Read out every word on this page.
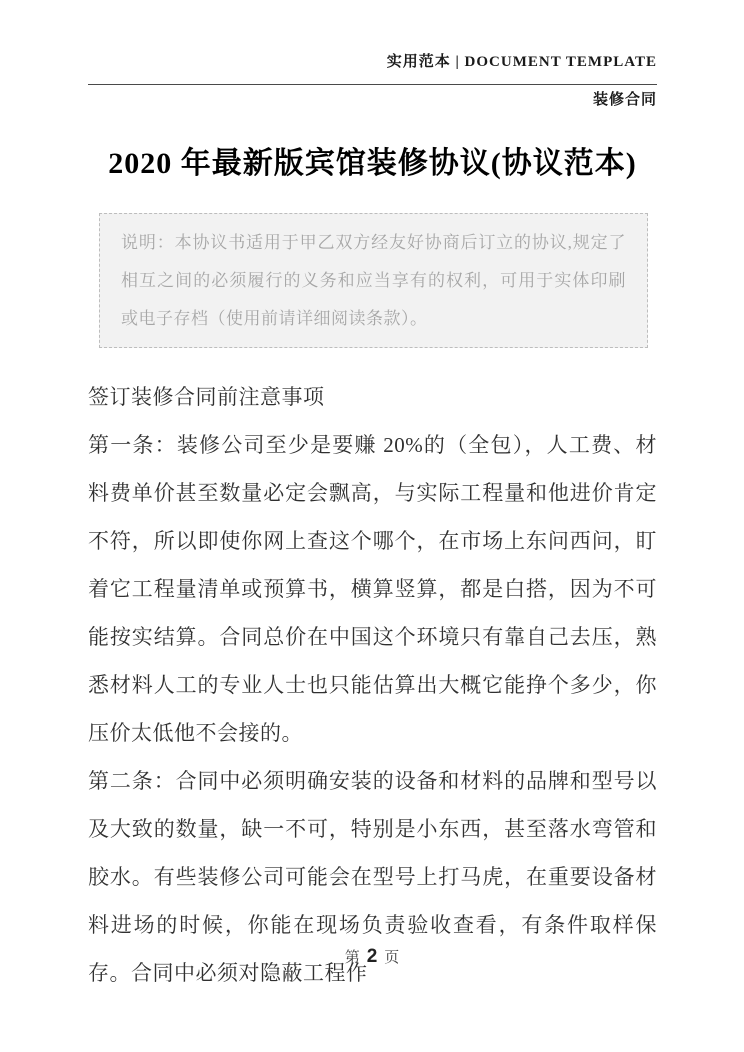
实用范本 | DOCUMENT TEMPLATE
装修合同
2020 年最新版宾馆装修协议(协议范本)
说明：本协议书适用于甲乙双方经友好协商后订立的协议,规定了相互之间的必须履行的义务和应当享有的权利，可用于实体印刷或电子存档（使用前请详细阅读条款）。

签订装修合同前注意事项

第一条：装修公司至少是要赚 20%的（全包），人工费、材料费单价甚至数量必定会飘高，与实际工程量和他进价肯定不符，所以即使你网上查这个哪个，在市场上东问西问，盯着它工程量清单或预算书，横算竖算，都是白搭，因为不可能按实结算。合同总价在中国这个环境只有靠自己去压，熟悉材料人工的专业人士也只能估算出大概它能挣个多少，你压价太低他不会接的。

第二条：合同中必须明确安装的设备和材料的品牌和型号以及大致的数量，缺一不可，特别是小东西，甚至落水弯管和胶水。有些装修公司可能会在型号上打马虎，在重要设备材料进场的时候，你能在现场负责验收查看，有条件取样保存。合同中必须对隐蔽工程作

第 2 页
